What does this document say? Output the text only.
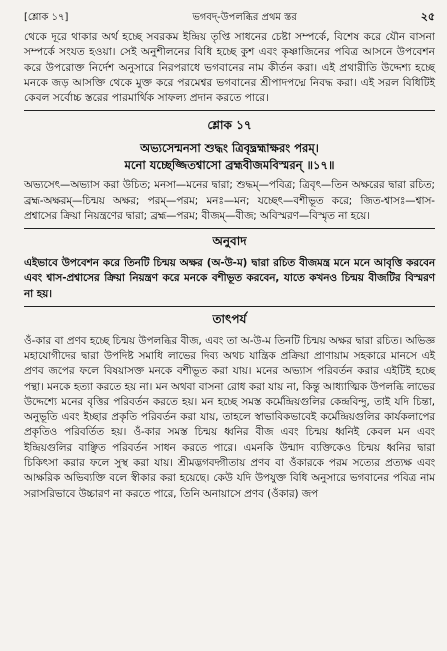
[শ্লোক ১৭]	ভগবদ্-উপলব্ধির প্রথম স্তর	২৫

থেকে দূরে থাকার অর্থ হচ্ছে সবরকম ইন্দ্রিয় তৃপ্তি সাধনের চেষ্টা সম্পর্কে, বিশেষ করে যৌন বাসনা সম্পর্কে সংযত হওয়া। সেই অনুশীলনের বিধি হচ্ছে কুশ এবং কৃষ্ণাজিনের পবিত্র আসনে উপবেশন করে উপরোক্ত নির্দেশ অনুসারে নিরপরাধে ভগবানের নাম কীর্তন করা। এই প্রথারীতি উদ্দেশ্য হচ্ছে মনকে জড় আসক্তি থেকে মুক্ত করে পরমেশ্বর ভগবানের শ্রীপাদপদ্মে নিবদ্ধ করা। এই সরল বিধিটিই কেবল সর্বোচ্চ স্তরের পারমার্থিক সাফল্য প্রদান করতে পারে।

শ্লোক ১৭
অভ্যসেন্মনসা শুদ্ধং ত্রিবৃদ্ব্রহ্মাক্ষরং পরম্।
মনো যচ্ছেজ্জিতশ্বাসো ব্রহ্মবীজমবিস্মরন্ ॥১৭॥

অভ্যসেৎ—অভ্যাস করা উচিত; মনসা—মনের দ্বারা; শুদ্ধম্—পবিত্র; ত্রিবৃৎ—তিন অক্ষরের দ্বারা রচিত; ব্রহ্ম-অক্ষরম্—চিন্ময় অক্ষর; পরম্—পরম; মনঃ—মন; যচ্ছেৎ—বশীভূত করে; জিত-শ্বাসঃ—শ্বাস-প্রশ্বাসের ক্রিয়া নিয়ন্ত্রণের দ্বারা; ব্রহ্ম—পরম; বীজম্—বীজ; অবিস্মরণ—বিস্মৃত না হয়ে।

অনুবাদ

এইভাবে উপবেশন করে তিনটি চিন্ময় অক্ষর (অ-উ-ম) দ্বারা রচিত বীজমন্ত্র মনে মনে আবৃত্তি করবেন এবং শ্বাস-প্রশ্বাসের ক্রিয়া নিয়ন্ত্রণ করে মনকে বশীভূত করবেন, যাতে কখনও চিন্ময় বীজটির বিস্মরণ না হয়।

তাৎপর্য

ওঁ-কার বা প্রণব হচ্ছে চিন্ময় উপলব্ধির বীজ, এবং তা অ-উ-ম তিনটি চিন্ময় অক্ষর দ্বারা রচিত। অভিজ্ঞ মহাযোগীদের দ্বারা উপদিষ্ট সমাধি লাভের দিব্য অথচ যান্ত্রিক প্রক্রিয়া প্রাণায়াম সহকারে মানসে এই প্রণব জপের ফলে বিষয়াসক্ত মনকে বশীভূত করা যায়। মনের অভ্যাস পরিবর্তন করার এইটিই হচ্ছে পন্থা। মনকে হত্যা করতে হয় না। মন অথবা বাসনা রোধ করা যায় না, কিন্তু আধ্যাত্মিক উপলব্ধি লাভের উদ্দেশ্যে মনের বৃত্তির পরিবর্তন করতে হয়। মন হচ্ছে সমস্ত কর্মেন্দ্রিয়গুলির কেন্দ্রবিন্দু, তাই যদি চিন্তা, অনুভূতি এবং ইচ্ছার প্রকৃতি পরিবর্তন করা যায়, তাহলে স্বাভাবিকভাবেই কর্মেন্দ্রিয়গুলির কার্যকলাপের প্রকৃতিও পরিবর্তিত হয়। ওঁ-কার সমস্ত চিন্ময় ধ্বনির বীজ এবং চিন্ময় ধ্বনিই কেবল মন এবং ইন্দ্রিয়গুলির বাঞ্ছিত পরিবর্তন সাধন করতে পারে। এমনকি উন্মাদ ব্যক্তিকেও চিন্ময় ধ্বনির দ্বারা চিকিৎসা করার ফলে সুস্থ করা যায়। শ্রীমদ্ভগবদ্গীতায় প্রণব বা ওঁকারকে পরম সত্যের প্রত্যক্ষ এবং আক্ষরিক অভিব্যক্তি বলে স্বীকার করা হয়েছে। কেউ যদি উপযুক্ত বিধি অনুসারে ভগবানের পবিত্র নাম সরাসরিভাবে উচ্চারণ না করতে পারে, তিনি অনায়াসে প্রণব (ওঁকার) জপ
